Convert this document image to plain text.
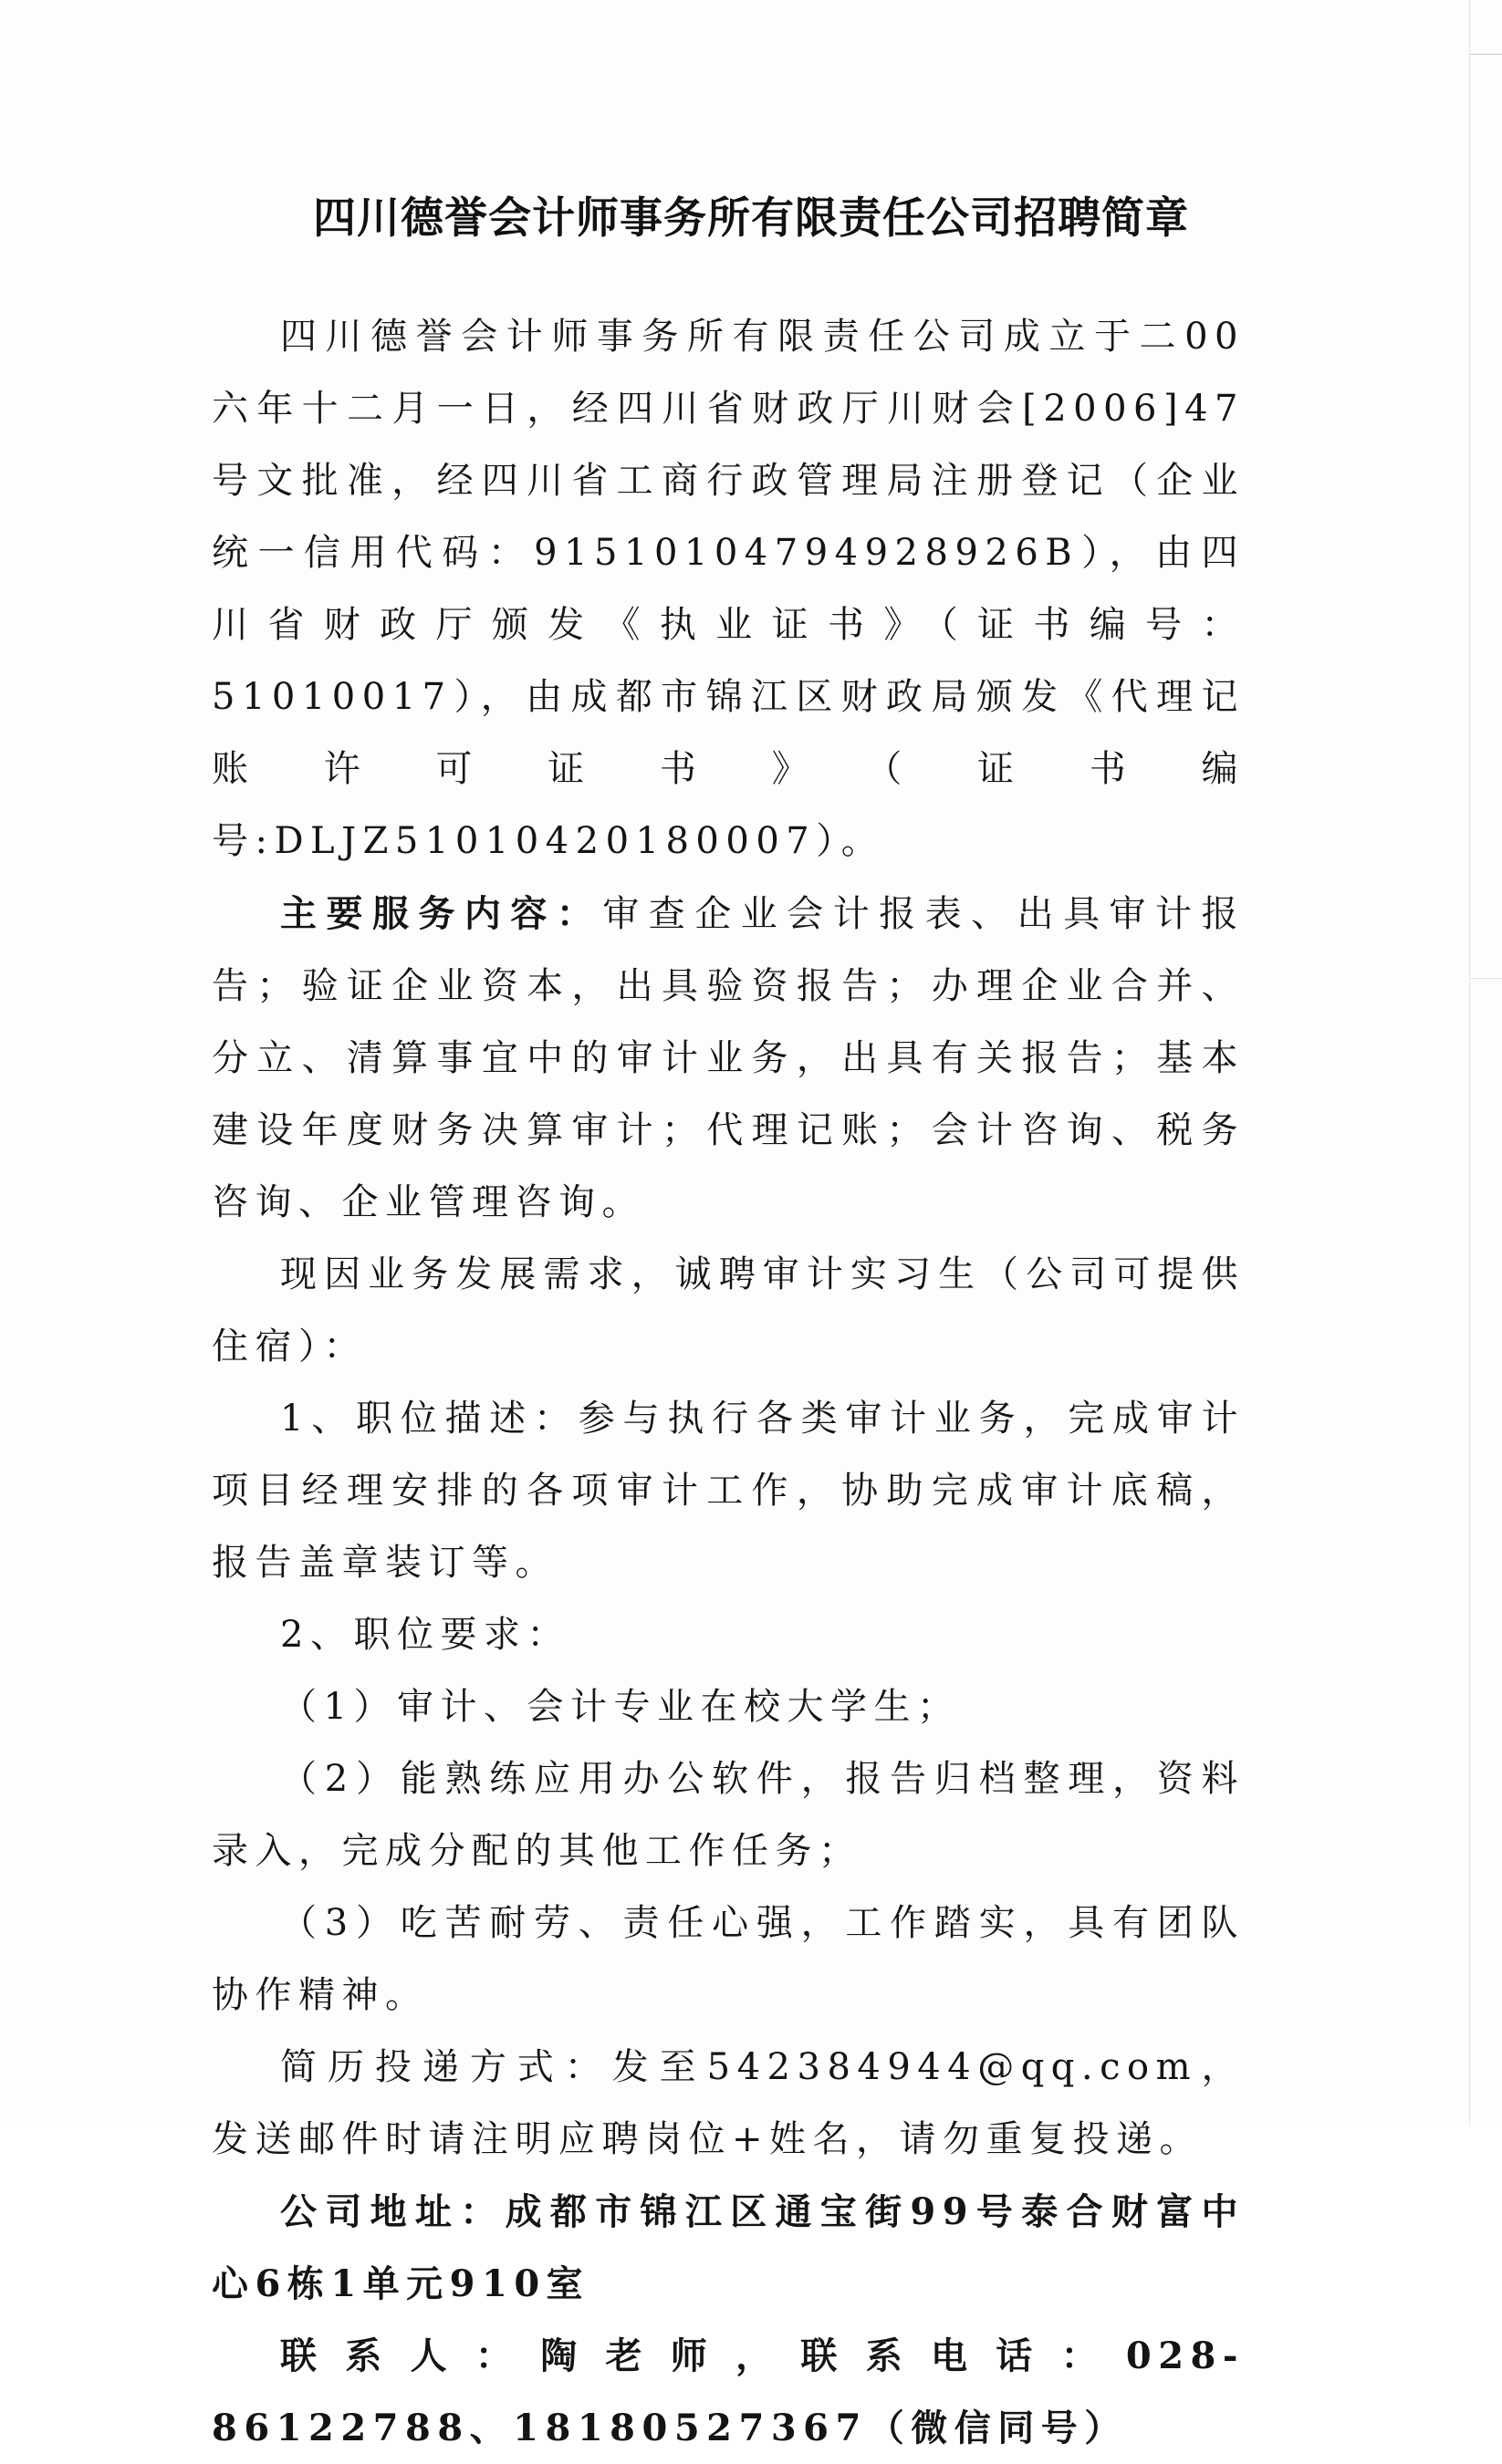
四川德誉会计师事务所有限责任公司招聘简章

四川德誉会计师事务所有限责任公司成立于二00六年十二月一日，经四川省财政厅川财会[2006]47号文批准，经四川省工商行政管理局注册登记（企业统一信用代码：91510104794928926B），由四川省财政厅颁发《执业证书》（证书编号：51010017），由成都市锦江区财政局颁发《代理记账许可证书》（证书编号:DLJZ51010420180007）。

主要服务内容：审查企业会计报表、出具审计报告；验证企业资本，出具验资报告；办理企业合并、分立、清算事宜中的审计业务，出具有关报告；基本建设年度财务决算审计；代理记账；会计咨询、税务咨询、企业管理咨询。

现因业务发展需求，诚聘审计实习生（公司可提供住宿）：

1、职位描述：参与执行各类审计业务，完成审计项目经理安排的各项审计工作，协助完成审计底稿，报告盖章装订等。

2、职位要求：

（1）审计、会计专业在校大学生；

（2）能熟练应用办公软件，报告归档整理，资料录入，完成分配的其他工作任务；

（3）吃苦耐劳、责任心强，工作踏实，具有团队协作精神。

简历投递方式：发至542384944@qq.com，发送邮件时请注明应聘岗位+姓名，请勿重复投递。

公司地址：成都市锦江区通宝街99号泰合财富中心6栋1单元910室

联系人：陶老师，联系电话：028-86122788、18180527367（微信同号）
